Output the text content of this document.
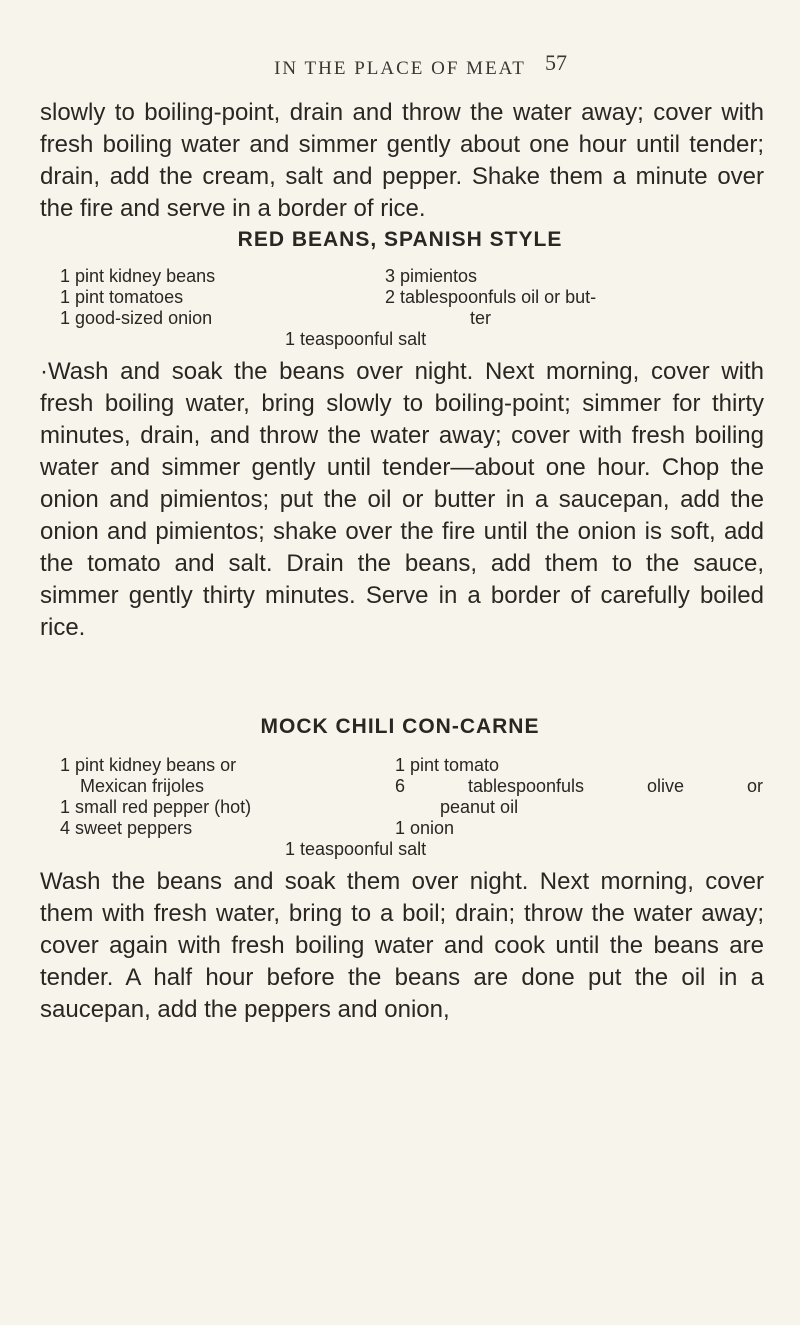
IN THE PLACE OF MEAT 57

slowly to boiling-point, drain and throw the water away; cover with fresh boiling water and simmer gently about one hour until tender; drain, add the cream, salt and pepper. Shake them a minute over the fire and serve in a border of rice.

RED BEANS, SPANISH STYLE

1 pint kidney beans

1 pint tomatoes

1 good-sized onion

3 pimientos

2 tablespoonfuls oil or but-

ter

1 teaspoonful salt

·Wash and soak the beans over night. Next morning, cover with fresh boiling water, bring slowly to boiling-point; simmer for thirty minutes, drain, and throw the water away; cover with fresh boiling water and simmer gently until tender—about one hour. Chop the onion and pimientos; put the oil or butter in a saucepan, add the onion and pimientos; shake over the fire until the onion is soft, add the tomato and salt. Drain the beans, add them to the sauce, simmer gently thirty minutes. Serve in a border of carefully boiled rice.

MOCK CHILI CON-CARNE

1 pint kidney beans or

Mexican frijoles

1 small red pepper (hot)

4 sweet peppers

1 pint tomato

6 tablespoonfuls olive or

peanut oil

1 onion

1 teaspoonful salt

Wash the beans and soak them over night. Next morning, cover them with fresh water, bring to a boil; drain; throw the water away; cover again with fresh boiling water and cook until the beans are tender. A half hour before the beans are done put the oil in a saucepan, add the peppers and onion,
